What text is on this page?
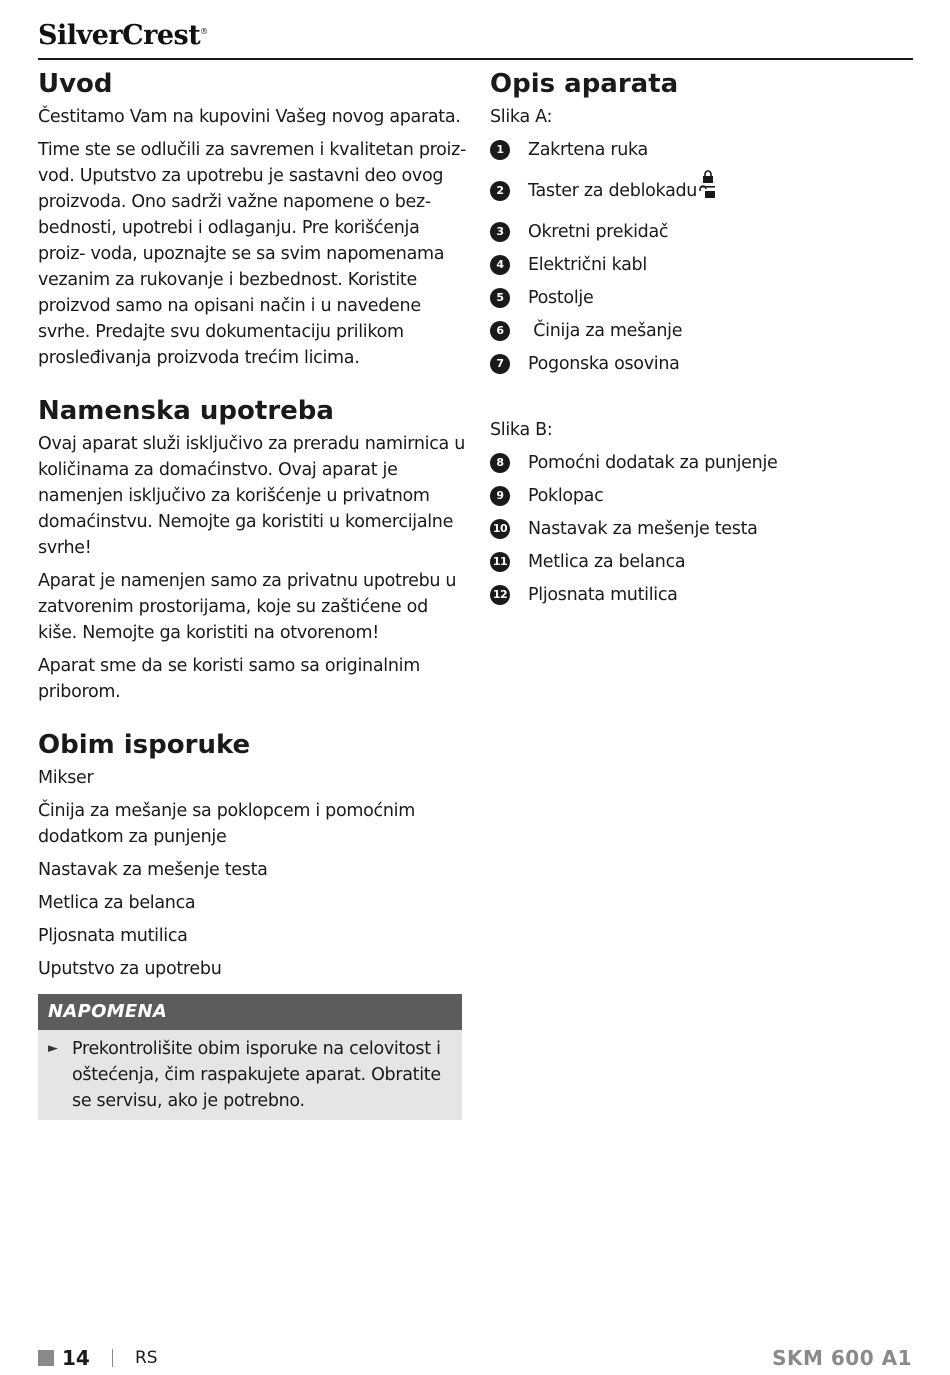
SilverCrest®
Uvod

Čestitamo Vam na kupovini Vašeg novog aparata.

Time ste se odlučili za savremen i kvalitetan proiz- vod. Uputstvo za upotrebu je sastavni deo ovog proizvoda. Ono sadrži važne napomene o bez- bednosti, upotrebi i odlaganju. Pre korišćenja proiz- voda, upoznajte se sa svim napomenama vezanim za rukovanje i bezbednost. Koristite proizvod samo na opisani način i u navedene svrhe. Predajte svu dokumentaciju prilikom prosleđivanja proizvoda trećim licima.

Namenska upotreba

Ovaj aparat služi isključivo za preradu namirnica u količinama za domaćinstvo. Ovaj aparat je namenjen isključivo za korišćenje u privatnom domaćinstvu. Nemojte ga koristiti u komercijalne svrhe!

Aparat je namenjen samo za privatnu upotrebu u zatvorenim prostorijama, koje su zaštićene od kiše. Nemojte ga koristiti na otvorenom!

Aparat sme da se koristi samo sa originalnim priborom.

Obim isporuke

Mikser

Činija za mešanje sa poklopcem i pomoćnim dodatkom za punjenje

Nastavak za mešenje testa

Metlica za belanca

Pljosnata mutilica

Uputstvo za upotrebu

NAPOMENA
► Prekontrolišite obim isporuke na celovitost i oštećenja, čim raspakujete aparat. Obratite se servisu, ako je potrebno.
Opis aparata

Slika A:

1	Zakrtena ruka
2	Taster za deblokadu
3	Okretni prekidač
4	Električni kabl
5	Postolje
6	Činija za mešanje
7	Pogonska osovina

Slika B:

8	Pomoćni dodatak za punjenje
9	Poklopac
10 Nastavak za mešenje testa
11 Metlica za belanca
12 Pljosnata mutilica
14	RS	SKM 600 A1
